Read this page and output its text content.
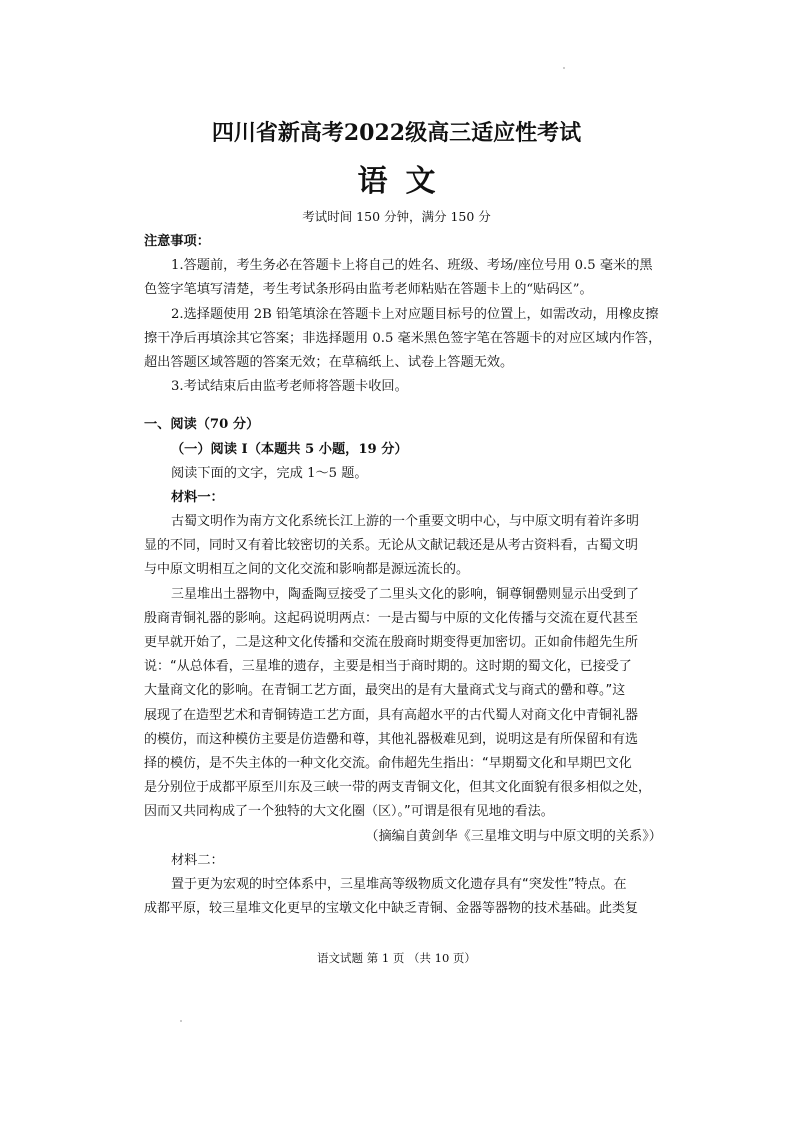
四川省新高考2022级高三适应性考试
语文
考试时间 150 分钟，满分 150 分
注意事项：
1.答题前，考生务必在答题卡上将自己的姓名、班级、考场/座位号用 0.5 毫米的黑
色签字笔填写清楚，考生考试条形码由监考老师粘贴在答题卡上的“贴码区”。
2.选择题使用 2B 铅笔填涂在答题卡上对应题目标号的位置上，如需改动，用橡皮擦
擦干净后再填涂其它答案；非选择题用 0.5 毫米黑色签字笔在答题卡的对应区域内作答，
超出答题区域答题的答案无效；在草稿纸上、试卷上答题无效。
3.考试结束后由监考老师将答题卡收回。
一、阅读（70 分）
（一）阅读 I（本题共 5 小题，19 分）
阅读下面的文字，完成 1～5 题。
材料一：
古蜀文明作为南方文化系统长江上游的一个重要文明中心，与中原文明有着许多明
显的不同，同时又有着比较密切的关系。无论从文献记载还是从考古资料看，古蜀文明
与中原文明相互之间的文化交流和影响都是源远流长的。
三星堆出土器物中，陶盉陶豆接受了二里头文化的影响，铜尊铜罍则显示出受到了
殷商青铜礼器的影响。这起码说明两点：一是古蜀与中原的文化传播与交流在夏代甚至
更早就开始了，二是这种文化传播和交流在殷商时期变得更加密切。正如俞伟超先生所
说：“从总体看，三星堆的遗存，主要是相当于商时期的。这时期的蜀文化，已接受了
大量商文化的影响。在青铜工艺方面，最突出的是有大量商式戈与商式的罍和尊。”这
展现了在造型艺术和青铜铸造工艺方面，具有高超水平的古代蜀人对商文化中青铜礼器
的模仿，而这种模仿主要是仿造罍和尊，其他礼器极难见到，说明这是有所保留和有选
择的模仿，是不失主体的一种文化交流。俞伟超先生指出：“早期蜀文化和早期巴文化
是分别位于成都平原至川东及三峡一带的两支青铜文化，但其文化面貌有很多相似之处，
因而又共同构成了一个独特的大文化圈（区）。”可谓是很有见地的看法。
（摘编自黄剑华《三星堆文明与中原文明的关系》）
材料二：
置于更为宏观的时空体系中，三星堆高等级物质文化遗存具有“突发性”特点。在
成都平原，较三星堆文化更早的宝墩文化中缺乏青铜、金器等器物的技术基础。此类复
语文试题 第 1 页 （共 10 页）
